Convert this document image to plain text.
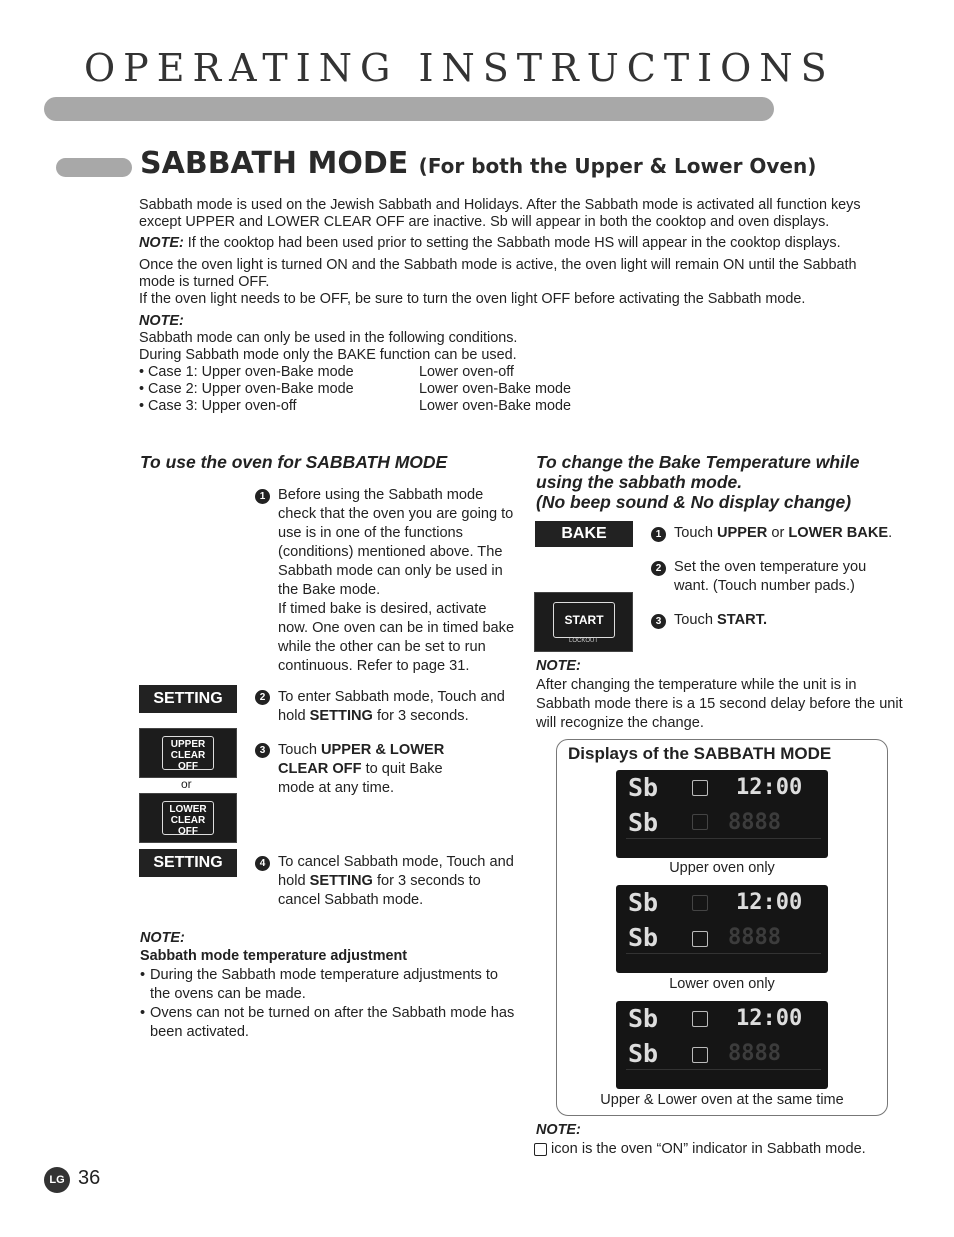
OPERATING INSTRUCTIONS
SABBATH MODE (For both the Upper & Lower Oven)
Sabbath mode is used on the Jewish Sabbath and Holidays. After the Sabbath mode is activated all function keys except UPPER and LOWER CLEAR OFF are inactive. Sb will appear in both the cooktop and oven displays.
NOTE: If the cooktop had been used prior to setting the Sabbath mode HS will appear in the cooktop displays.
Once the oven light is turned ON and the Sabbath mode is active, the oven light will remain ON until the Sabbath mode is turned OFF.
If the oven light needs to be OFF, be sure to turn the oven light OFF before activating the Sabbath mode.
NOTE:
Sabbath mode can only be used in the following conditions.
During Sabbath mode only the BAKE function can be used.
• Case 1: Upper oven-Bake mode	Lower oven-off
• Case 2: Upper oven-Bake mode	Lower oven-Bake mode
• Case 3: Upper oven-off	Lower oven-Bake mode
To use the oven for SABBATH MODE
1 Before using the Sabbath mode check that the oven you are going to use is in one of the functions (conditions) mentioned above. The Sabbath mode can only be used in the Bake mode.
If timed bake is desired, activate now. One oven can be in timed bake while the other can be set to run continuous. Refer to page 31.
SETTING	2 To enter Sabbath mode, Touch and hold SETTING for 3 seconds.
UPPER
CLEAR OFF
or
LOWER
CLEAR OFF
3 Touch UPPER & LOWER CLEAR OFF to quit Bake mode at any time.
SETTING	4 To cancel Sabbath mode, Touch and hold SETTING for 3 seconds to cancel Sabbath mode.
NOTE:
Sabbath mode temperature adjustment
• During the Sabbath mode temperature adjustments to the ovens can be made.
• Ovens can not be turned on after the Sabbath mode has been activated.
To change the Bake Temperature while
using the sabbath mode.
(No beep sound & No display change)
BAKE	1 Touch UPPER or LOWER BAKE.
2 Set the oven temperature you want. (Touch number pads.)
START
LOCKOUT
3 Touch START.
NOTE:
After changing the temperature while the unit is in Sabbath mode there is a 15 second delay before the unit will recognize the change.
Displays of the SABBATH MODE
Sb
Sb
12:00
8888
Upper oven only
Sb
Sb
12:00
8888
Lower oven only
Sb
Sb
12:00
8888
Upper & Lower oven at the same time
NOTE:
icon is the oven “ON” indicator in Sabbath mode.
LG 36
